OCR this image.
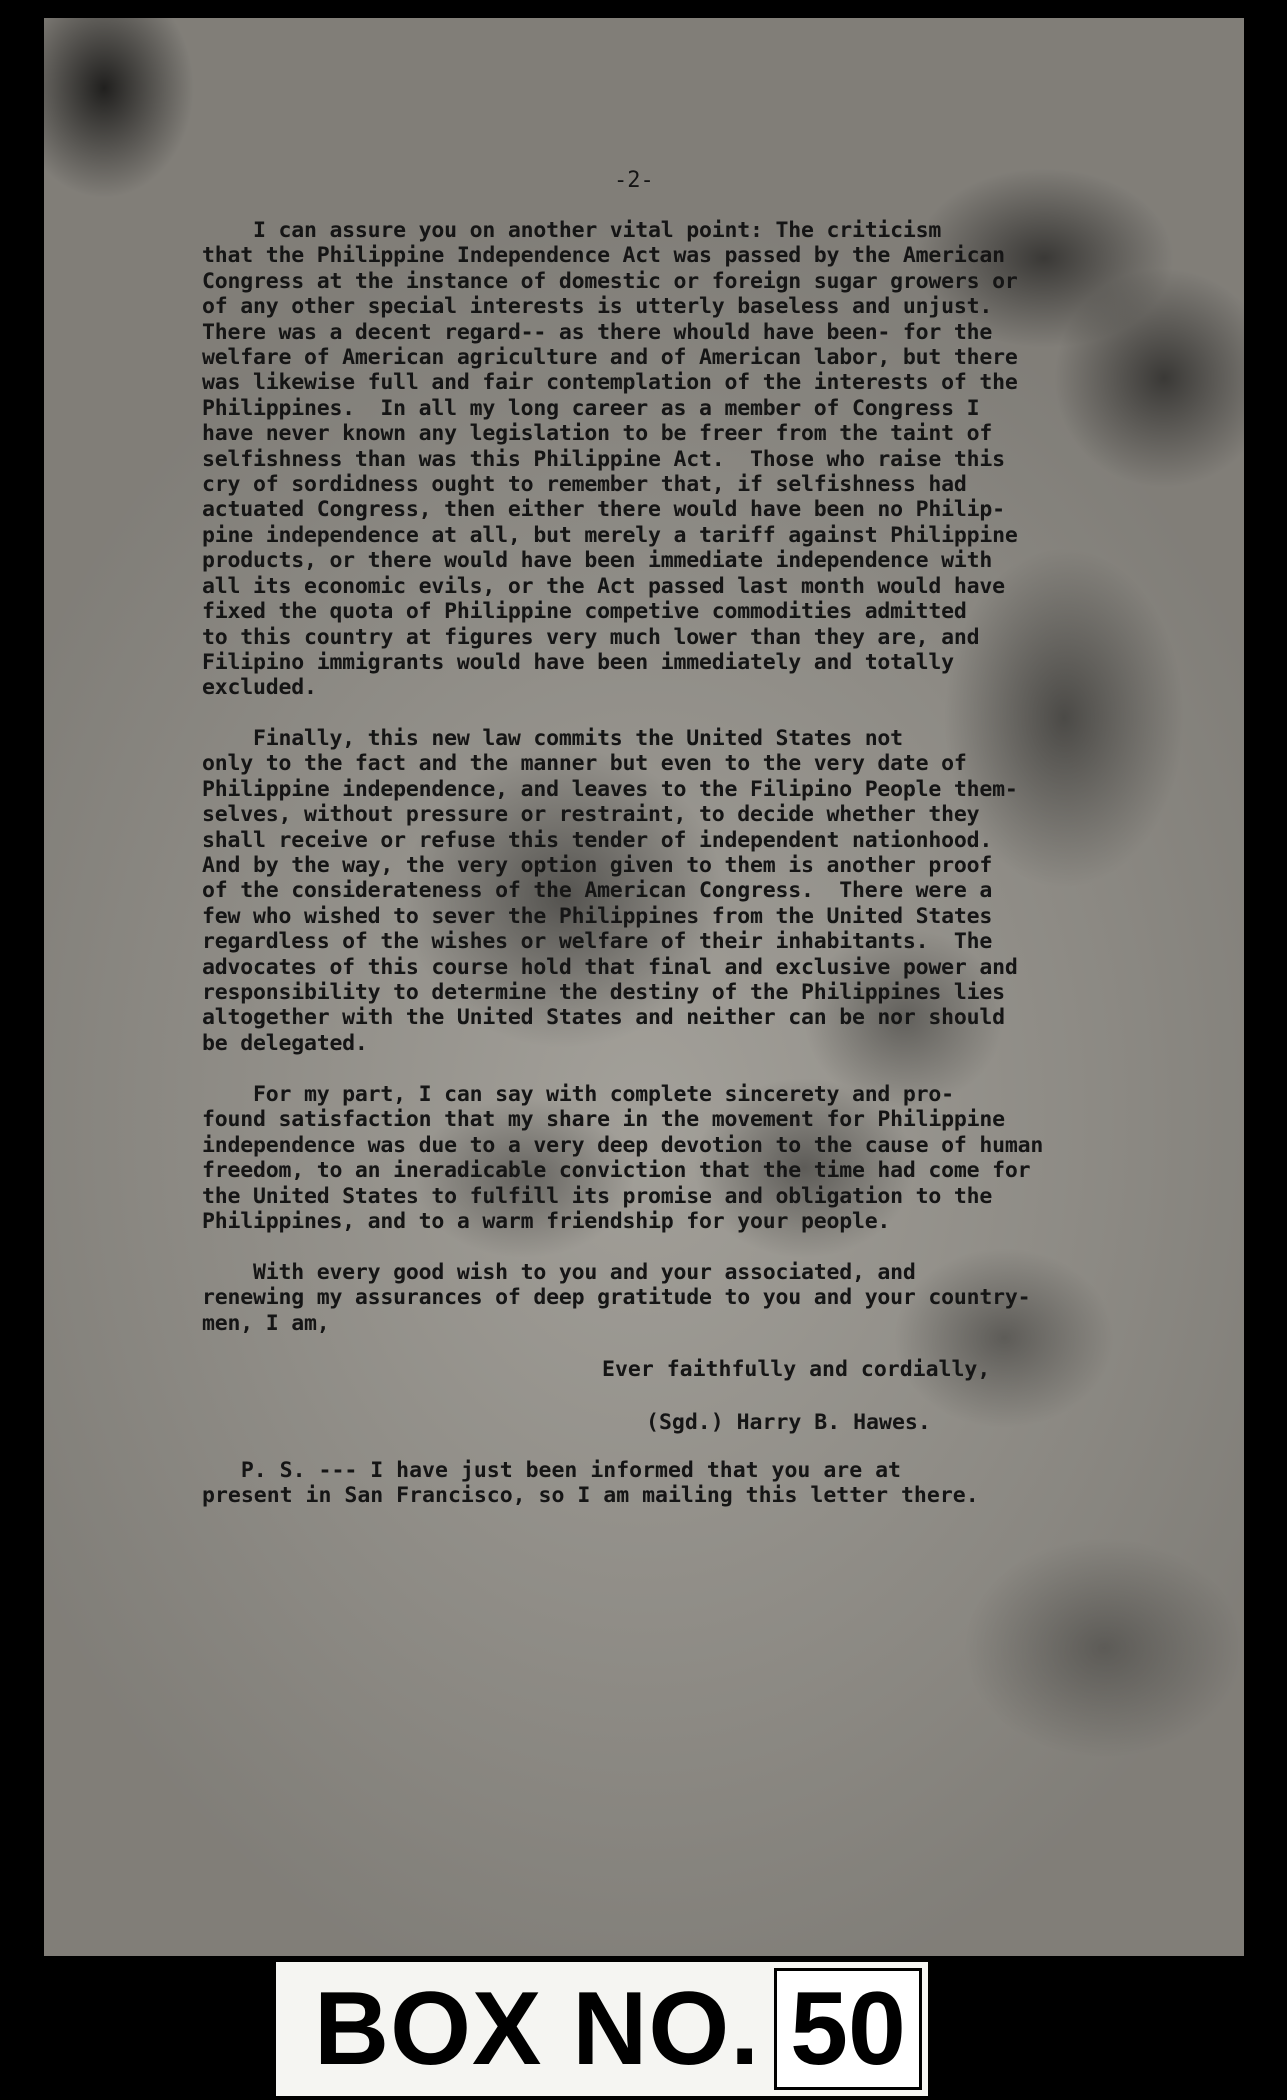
-2-
I can assure you on another vital point: The criticism
that the Philippine Independence Act was passed by the American
Congress at the instance of domestic or foreign sugar growers or
of any other special interests is utterly baseless and unjust.
There was a decent regard-- as there whould have been- for the
welfare of American agriculture and of American labor, but there
was likewise full and fair contemplation of the interests of the
Philippines.  In all my long career as a member of Congress I
have never known any legislation to be freer from the taint of
selfishness than was this Philippine Act.  Those who raise this
cry of sordidness ought to remember that, if selfishness had
actuated Congress, then either there would have been no Philip-
pine independence at all, but merely a tariff against Philippine
products, or there would have been immediate independence with
all its economic evils, or the Act passed last month would have
fixed the quota of Philippine competive commodities admitted
to this country at figures very much lower than they are, and
Filipino immigrants would have been immediately and totally
excluded.
Finally, this new law commits the United States not
only to the fact and the manner but even to the very date of
Philippine independence, and leaves to the Filipino People them-
selves, without pressure or restraint, to decide whether they
shall receive or refuse this tender of independent nationhood.
And by the way, the very option given to them is another proof
of the considerateness of the American Congress.  There were a
few who wished to sever the Philippines from the United States
regardless of the wishes or welfare of their inhabitants.  The
advocates of this course hold that final and exclusive power and
responsibility to determine the destiny of the Philippines lies
altogether with the United States and neither can be nor should
be delegated.
For my part, I can say with complete sincerety and pro-
found satisfaction that my share in the movement for Philippine
independence was due to a very deep devotion to the cause of human
freedom, to an ineradicable conviction that the time had come for
the United States to fulfill its promise and obligation to the
Philippines, and to a warm friendship for your people.
With every good wish to you and your associated, and
renewing my assurances of deep gratitude to you and your country-
men, I am,
Ever faithfully and cordially,
(Sgd.) Harry B. Hawes.
P. S. --- I have just been informed that you are at
present in San Francisco, so I am mailing this letter there.
BOX NO. 50
